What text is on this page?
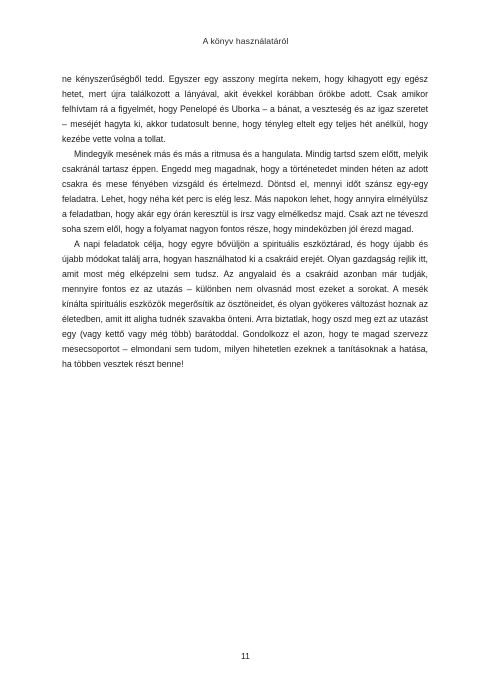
A könyv használatáról

ne kényszerűségből tedd. Egyszer egy asszony megírta nekem, hogy kihagyott egy egész hetet, mert újra találkozott a lányával, akit évekkel korábban örökbe adott. Csak amikor felhívtam rá a figyelmét, hogy Penelopé és Uborka – a bánat, a veszteség és az igaz szeretet – meséjét hagyta ki, akkor tudatosult benne, hogy tényleg eltelt egy teljes hét anélkül, hogy kezébe vette volna a tollat.

Mindegyik mesének más és más a ritmusa és a hangulata. Mindig tartsd szem előtt, melyik csakránál tartasz éppen. Engedd meg magadnak, hogy a történetedet minden héten az adott csakra és mese fényében vizsgáld és értelmezd. Döntsd el, mennyi időt szánsz egy-egy feladatra. Lehet, hogy néha két perc is elég lesz. Más napokon lehet, hogy annyira elmélyülsz a feladatban, hogy akár egy órán keresztül is írsz vagy elmélkedsz majd. Csak azt ne téveszd soha szem elől, hogy a folyamat nagyon fontos része, hogy mindeközben jól érezd magad.

A napi feladatok célja, hogy egyre bővüljön a spirituális eszköztárad, és hogy újabb és újabb módokat találj arra, hogyan használhatod ki a csakráid erejét. Olyan gazdagság rejlik itt, amit most még elképzelni sem tudsz. Az angyalaid és a csakráid azonban már tudják, mennyire fontos ez az utazás – különben nem olvasnád most ezeket a sorokat. A mesék kínálta spirituális eszközök megerősítik az ösztöneidet, és olyan gyökeres változást hoznak az életedben, amit itt aligha tudnék szavakba önteni. Arra biztatlak, hogy oszd meg ezt az utazást egy (vagy kettő vagy még több) barátoddal. Gondolkozz el azon, hogy te magad szervezz mesecsoportot – elmondani sem tudom, milyen hihetetlen ezeknek a tanításoknak a hatása, ha többen vesztek részt benne!

11
